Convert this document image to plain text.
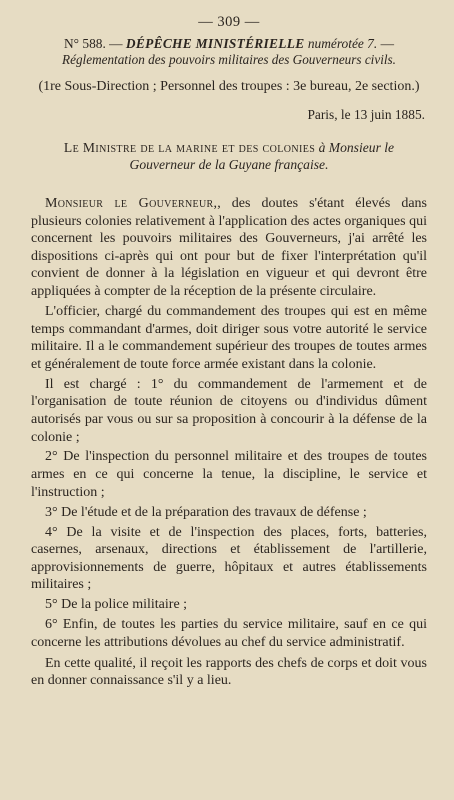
— 309 —
N° 588. — DÉPÊCHE MINISTÉRIELLE numérotée 7. —
Réglementation des pouvoirs militaires des Gouverneurs civils.
(1re Sous-Direction ; Personnel des troupes : 3e bureau, 2e section.)
Paris, le 13 juin 1885.
Le Ministre de la marine et des colonies à Monsieur le Gouverneur de la Guyane française.

Monsieur le Gouverneur,, des doutes s'étant élevés dans plusieurs colonies relativement à l'application des actes organiques qui concernent les pouvoirs militaires des Gouverneurs, j'ai arrêté les dispositions ci-après qui ont pour but de fixer l'interprétation qu'il convient de donner à la législation en vigueur et qui devront être appliquées à compter de la réception de la présente circulaire.

L'officier, chargé du commandement des troupes qui est en même temps commandant d'armes, doit diriger sous votre autorité le service militaire. Il a le commandement supérieur des troupes de toutes armes et généralement de toute force armée existant dans la colonie.

Il est chargé : 1° du commandement de l'armement et de l'organisation de toute réunion de citoyens ou d'individus dûment autorisés par vous ou sur sa proposition à concourir à la défense de la colonie ;

2° De l'inspection du personnel militaire et des troupes de toutes armes en ce qui concerne la tenue, la discipline, le service et l'instruction ;

3° De l'étude et de la préparation des travaux de défense ;

4° De la visite et de l'inspection des places, forts, batteries, casernes, arsenaux, directions et établissement de l'artillerie, approvisionnements de guerre, hôpitaux et autres établissements militaires ;

5° De la police militaire ;

6° Enfin, de toutes les parties du service militaire, sauf en ce qui concerne les attributions dévolues au chef du service administratif.

En cette qualité, il reçoit les rapports des chefs de corps et doit vous en donner connaissance s'il y a lieu.
